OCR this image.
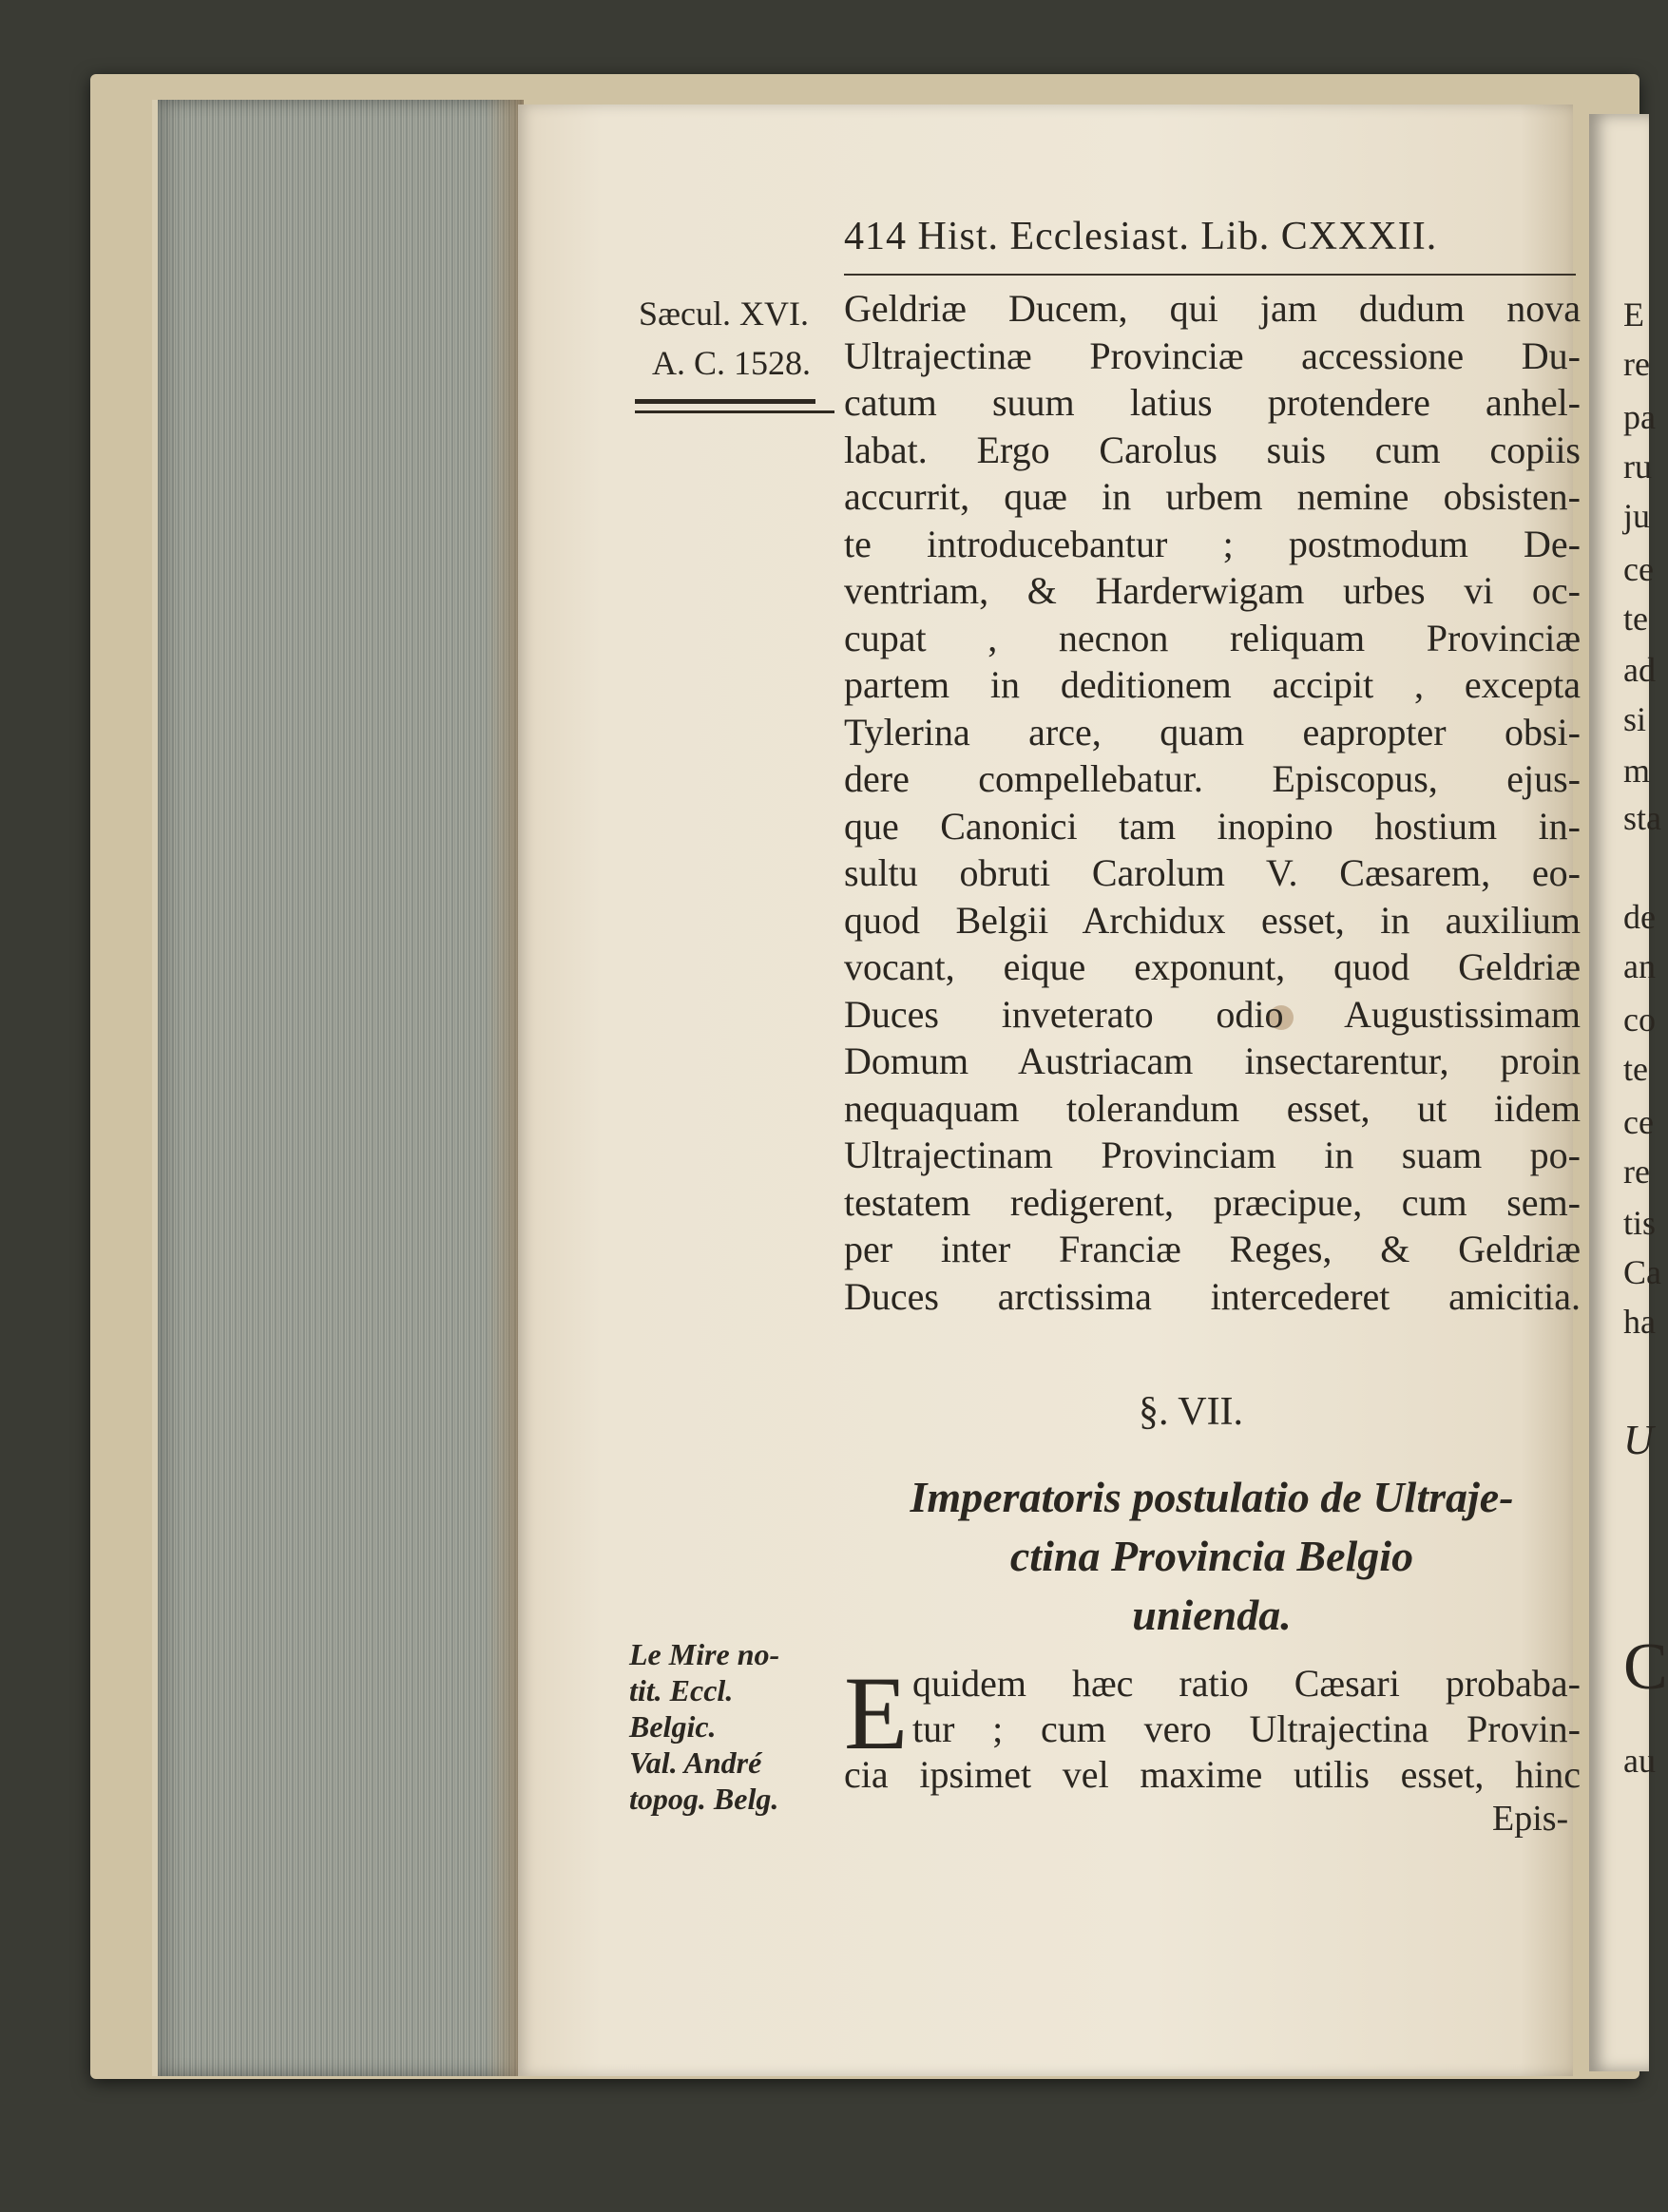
E
re
pa
ru
ju
ce
te
ad
si
m
sta
de
an
co
te
ce
re
tis
Ca
ha
U
C
au
414 Hist. Ecclesiast. Lib. CXXXII.
Sæcul. XVI.
A. C. 1528.
Geldriæ Ducem, qui jam dudum nova
Ultrajectinæ Provinciæ accessione Du-
catum suum latius protendere anhel-
labat. Ergo Carolus suis cum copiis
accurrit, quæ in urbem nemine obsisten-
te introducebantur ; postmodum De-
ventriam, & Harderwigam urbes vi oc-
cupat , necnon reliquam Provinciæ
partem in deditionem accipit , excepta
Tylerina arce, quam eapropter obsi-
dere compellebatur. Episcopus, ejus-
que Canonici tam inopino hostium in-
sultu obruti Carolum V. Cæsarem, eo-
quod Belgii Archidux esset, in auxilium
vocant, eique exponunt, quod Geldriæ
Duces inveterato odio Augustissimam
Domum Austriacam insectarentur, proin
nequaquam tolerandum esset, ut iidem
Ultrajectinam Provinciam in suam po-
testatem redigerent, præcipue, cum sem-
per inter Franciæ Reges, & Geldriæ
Duces arctissima intercederet amicitia.
§. VII.
Imperatoris postulatio de Ultraje-
ctina Provincia Belgio
unienda.
Le Mire no-
tit. Eccl.
Belgic.
Val. André
topog. Belg.
E quidem hæc ratio Cæsari probaba-
tur ; cum vero Ultrajectina Provin-
cia ipsimet vel maxime utilis esset, hinc
Epis-
